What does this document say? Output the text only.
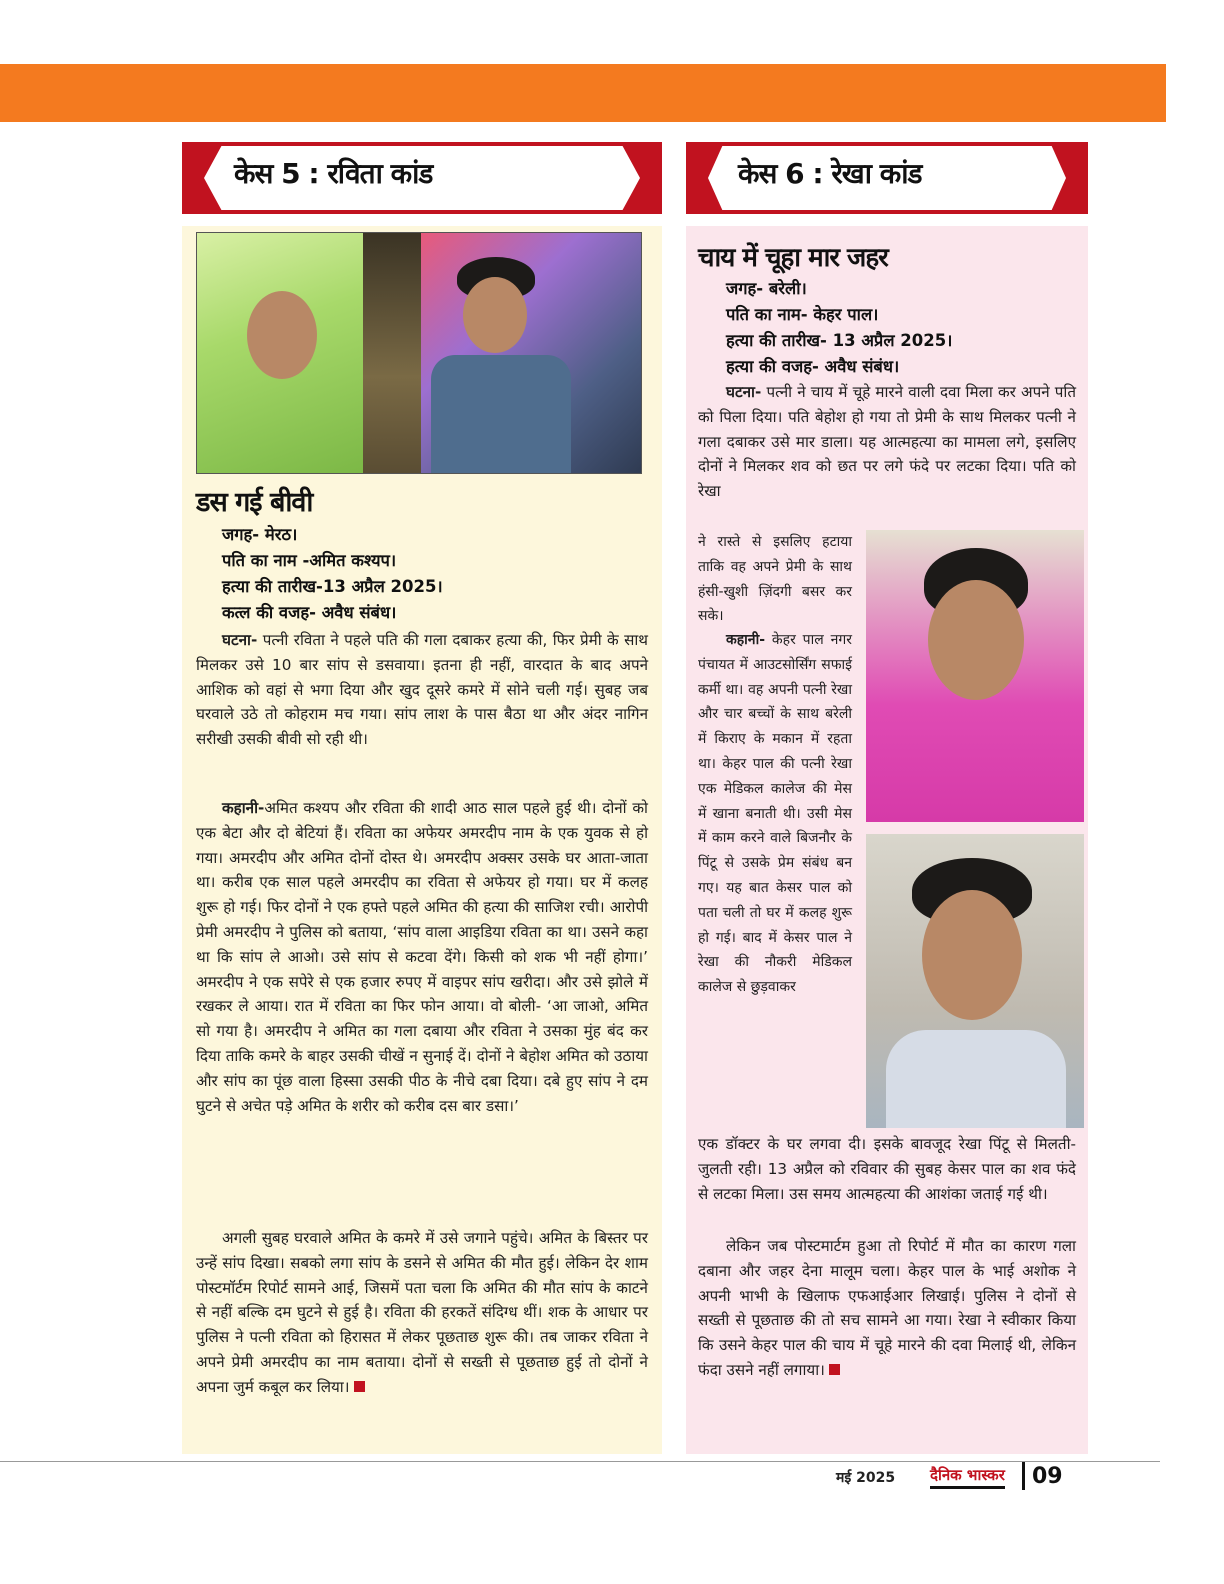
केस 5 : रविता कांड	केस 6 : रेखा कांड
डस गई बीवी
जगह- मेरठ।
पति का नाम -अमित कश्यप।
हत्या की तारीख-13 अप्रैल 2025।
कत्ल की वजह- अवैध संबंध।
घटना- पत्नी रविता ने पहले पति की गला दबाकर हत्या की, फिर प्रेमी के साथ मिलकर उसे 10 बार सांप से डसवाया। इतना ही नहीं, वारदात के बाद अपने आशिक को वहां से भगा दिया और खुद दूसरे कमरे में सोने चली गई। सुबह जब घरवाले उठे तो कोहराम मच गया। सांप लाश के पास बैठा था और अंदर नागिन सरीखी उसकी बीवी सो रही थी।
कहानी-अमित कश्यप और रविता की शादी आठ साल पहले हुई थी। दोनों को एक बेटा और दो बेटियां हैं। रविता का अफेयर अमरदीप नाम के एक युवक से हो गया। अमरदीप और अमित दोनों दोस्त थे। अमरदीप अक्सर उसके घर आता-जाता था। करीब एक साल पहले अमरदीप का रविता से अफेयर हो गया। घर में कलह शुरू हो गई। फिर दोनों ने एक हफ्ते पहले अमित की हत्या की साजिश रची। आरोपी प्रेमी अमरदीप ने पुलिस को बताया, ‘सांप वाला आइडिया रविता का था। उसने कहा था कि सांप ले आओ। उसे सांप से कटवा देंगे। किसी को शक भी नहीं होगा।’ अमरदीप ने एक सपेरे से एक हजार रुपए में वाइपर सांप खरीदा। और उसे झोले में रखकर ले आया। रात में रविता का फिर फोन आया। वो बोली- ‘आ जाओ, अमित सो गया है। अमरदीप ने अमित का गला दबाया और रविता ने उसका मुंह बंद कर दिया ताकि कमरे के बाहर उसकी चीखें न सुनाई दें। दोनों ने बेहोश अमित को उठाया और सांप का पूंछ वाला हिस्सा उसकी पीठ के नीचे दबा दिया। दबे हुए सांप ने दम घुटने से अचेत पड़े अमित के शरीर को करीब दस बार डसा।’
अगली सुबह घरवाले अमित के कमरे में उसे जगाने पहुंचे। अमित के बिस्तर पर उन्हें सांप दिखा। सबको लगा सांप के डसने से अमित की मौत हुई। लेकिन देर शाम पोस्टमॉर्टम रिपोर्ट सामने आई, जिसमें पता चला कि अमित की मौत सांप के काटने से नहीं बल्कि दम घुटने से हुई है। रविता की हरकतें संदिग्ध थीं। शक के आधार पर पुलिस ने पत्नी रविता को हिरासत में लेकर पूछताछ शुरू की। तब जाकर रविता ने अपने प्रेमी अमरदीप का नाम बताया। दोनों से सख्ती से पूछताछ हुई तो दोनों ने अपना जुर्म कबूल कर लिया।
चाय में चूहा मार जहर
जगह- बरेली।
पति का नाम- केहर पाल।
हत्या की तारीख- 13 अप्रैल 2025।
हत्या की वजह- अवैध संबंध।
घटना- पत्नी ने चाय में चूहे मारने वाली दवा मिला कर अपने पति को पिला दिया। पति बेहोश हो गया तो प्रेमी के साथ मिलकर पत्नी ने गला दबाकर उसे मार डाला। यह आत्महत्या का मामला लगे, इसलिए दोनों ने मिलकर शव को छत पर लगे फंदे पर लटका दिया। पति को रेखा
ने रास्ते से इसलिए हटाया ताकि वह अपने प्रेमी के साथ हंसी-खुशी ज़िंदगी बसर कर सके।
कहानी- केहर पाल नगर पंचायत में आउटसोर्सिंग सफाई कर्मी था। वह अपनी पत्नी रेखा और चार बच्चों के साथ बरेली में किराए के मकान में रहता था। केहर पाल की पत्नी रेखा एक मेडिकल कालेज की मेस में खाना बनाती थी। उसी मेस में काम करने वाले बिजनौर के पिंटू से उसके प्रेम संबंध बन गए। यह बात केसर पाल को पता चली तो घर में कलह शुरू हो गई। बाद में केसर पाल ने रेखा की नौकरी मेडिकल कालेज से छुड़वाकर
एक डॉक्टर के घर लगवा दी। इसके बावजूद रेखा पिंटू से मिलती-जुलती रही। 13 अप्रैल को रविवार की सुबह केसर पाल का शव फंदे से लटका मिला। उस समय आत्महत्या की आशंका जताई गई थी।
लेकिन जब पोस्टमार्टम हुआ तो रिपोर्ट में मौत का कारण गला दबाना और जहर देना मालूम चला। केहर पाल के भाई अशोक ने अपनी भाभी के खिलाफ एफआईआर लिखाई। पुलिस ने दोनों से सख्ती से पूछताछ की तो सच सामने आ गया। रेखा ने स्वीकार किया कि उसने केहर पाल की चाय में चूहे मारने की दवा मिलाई थी, लेकिन फंदा उसने नहीं लगाया।
मई 2025 दैनिक भास्कर 09
